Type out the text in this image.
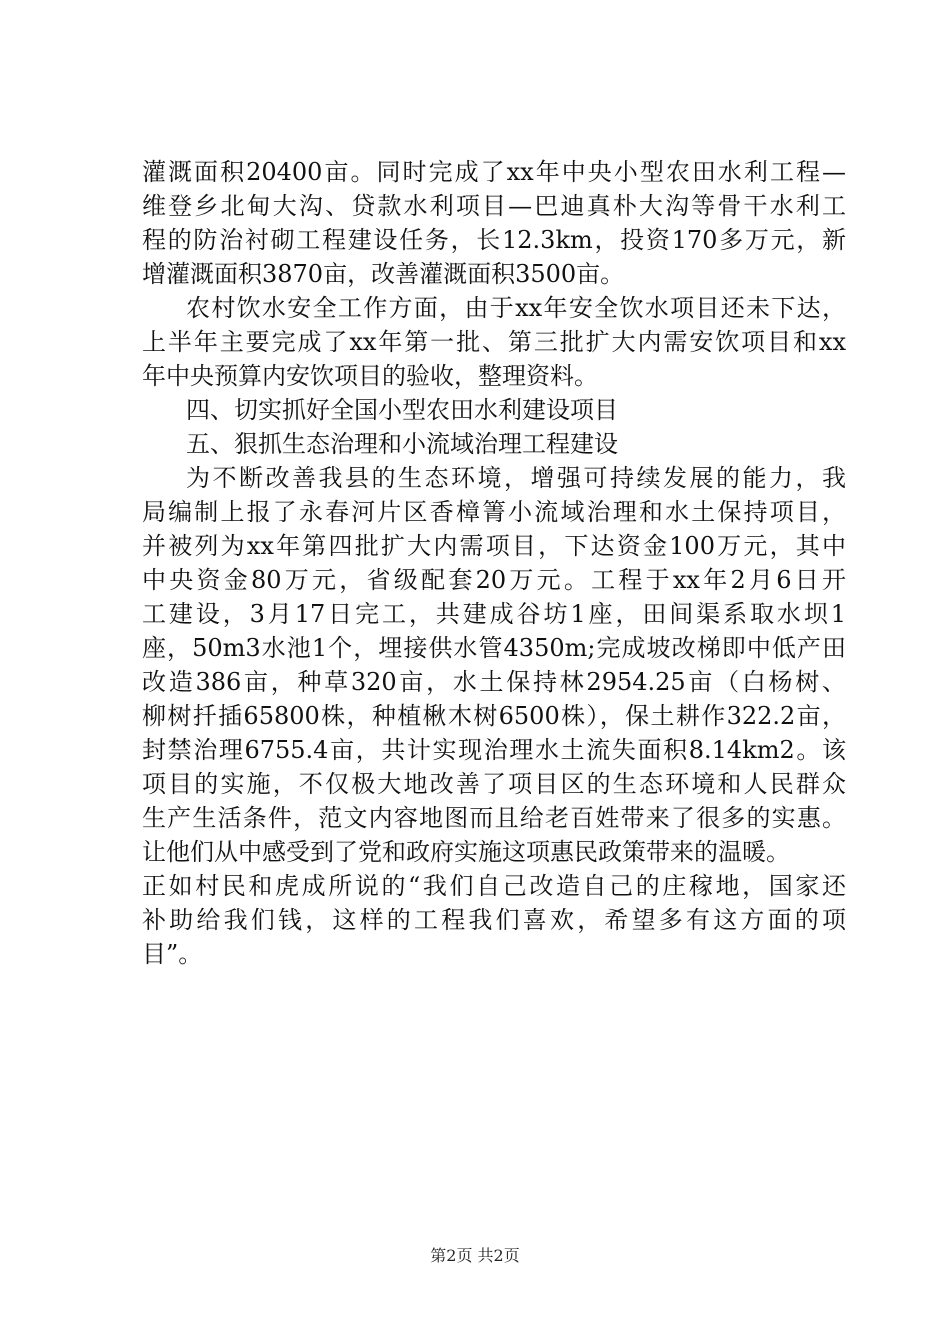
灌溉面积20400亩。同时完成了xx年中央小型农田水利工程—
维登乡北甸大沟、贷款水利项目—巴迪真朴大沟等骨干水利工
程的防治衬砌工程建设任务，长12.3km，投资170多万元，新
增灌溉面积3870亩，改善灌溉面积3500亩。
农村饮水安全工作方面，由于xx年安全饮水项目还未下达，
上半年主要完成了xx年第一批、第三批扩大内需安饮项目和xx
年中央预算内安饮项目的验收，整理资料。
四、切实抓好全国小型农田水利建设项目
五、狠抓生态治理和小流域治理工程建设
为不断改善我县的生态环境，增强可持续发展的能力，我
局编制上报了永春河片区香樟箐小流域治理和水土保持项目，
并被列为xx年第四批扩大内需项目，下达资金100万元，其中
中央资金80万元，省级配套20万元。工程于xx年2月6日开
工建设，3月17日完工，共建成谷坊1座，田间渠系取水坝1
座，50m3水池1个，埋接供水管4350m;完成坡改梯即中低产田
改造386亩，种草320亩，水土保持林2954.25亩（白杨树、
柳树扦插65800株，种植楸木树6500株），保土耕作322.2亩，
封禁治理6755.4亩，共计实现治理水土流失面积8.14km2。该
项目的实施，不仅极大地改善了项目区的生态环境和人民群众
生产生活条件，范文内容地图而且给老百姓带来了很多的实惠。
让他们从中感受到了党和政府实施这项惠民政策带来的温暖。
正如村民和虎成所说的“我们自己改造自己的庄稼地，国家还
补助给我们钱，这样的工程我们喜欢，希望多有这方面的项
目”。
第2页 共2页
